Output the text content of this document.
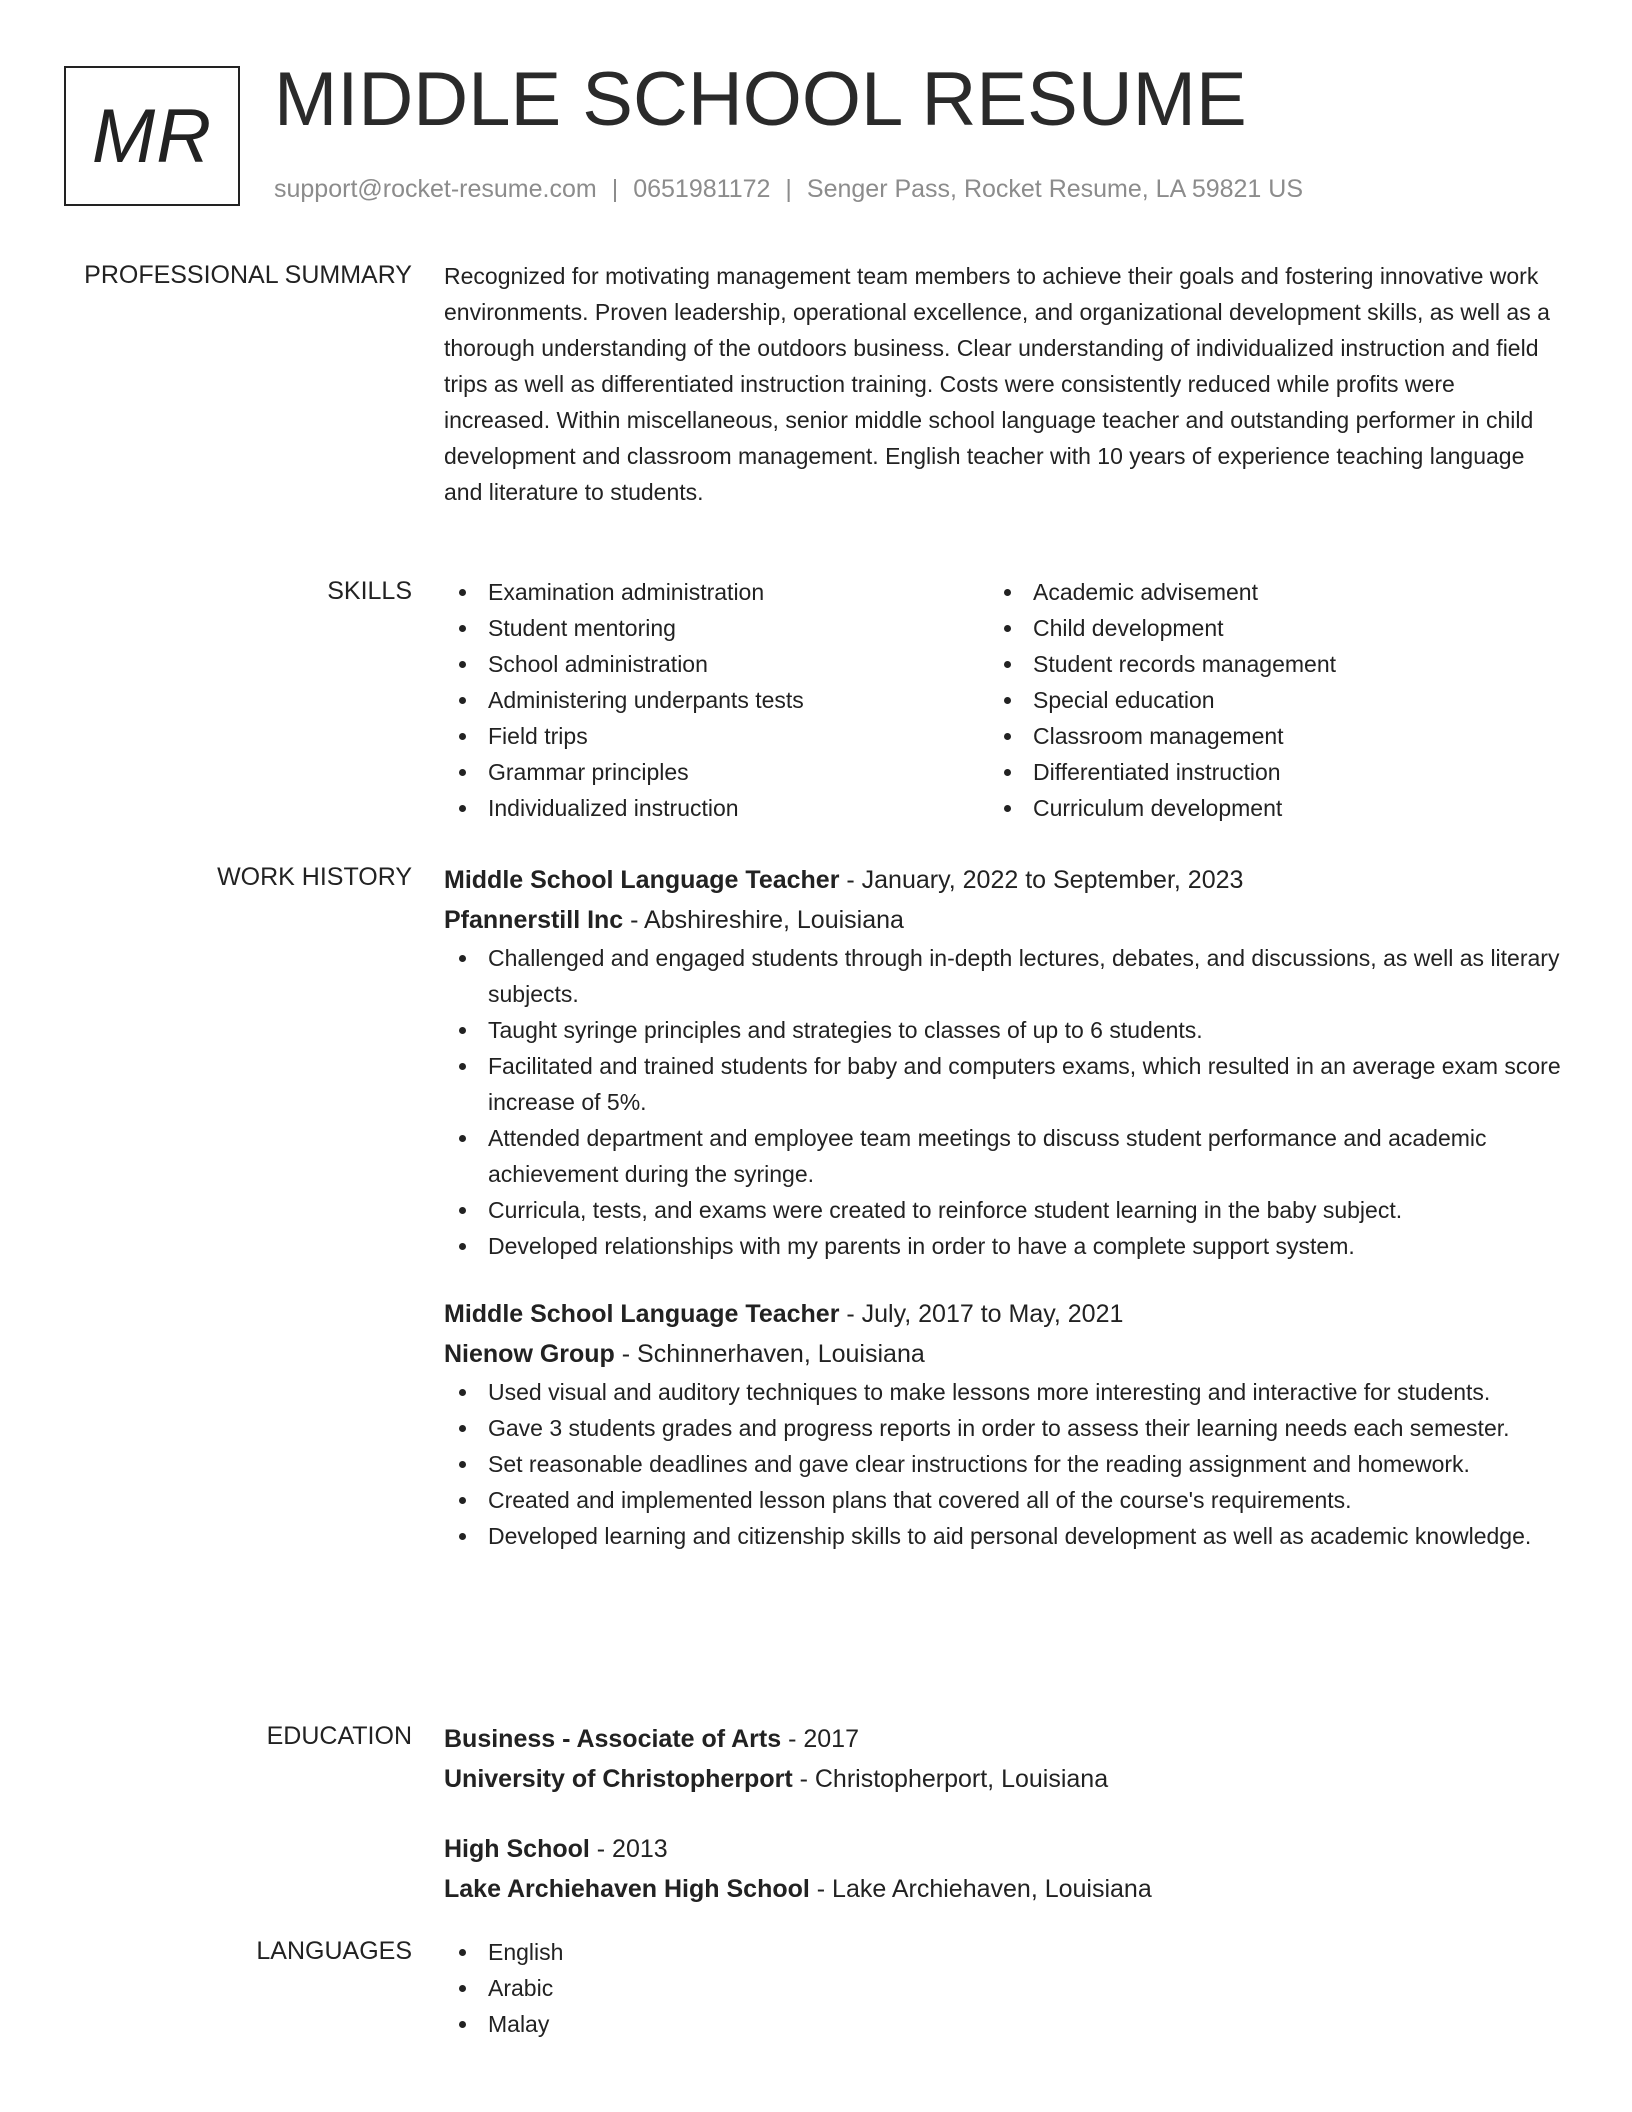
MR MIDDLE SCHOOL RESUME
support@rocket-resume.com | 0651981172 | Senger Pass, Rocket Resume, LA 59821 US
PROFESSIONAL SUMMARY Recognized for motivating management team members to achieve their goals and fostering innovative work environments. Proven leadership, operational excellence, and organizational development skills, as well as a thorough understanding of the outdoors business. Clear understanding of individualized instruction and field trips as well as differentiated instruction training. Costs were consistently reduced while profits were increased. Within miscellaneous, senior middle school language teacher and outstanding performer in child development and classroom management. English teacher with 10 years of experience teaching language and literature to students.

SKILLS	Examination administration
Student mentoring
School administration
Administering underpants tests
Field trips
Grammar principles
Individualized instruction
Academic advisement
Child development
Student records management
Special education
Classroom management
Differentiated instruction
Curriculum development
WORK HISTORY Middle School Language Teacher - January, 2022 to September, 2023
Pfannerstill Inc - Abshireshire, Louisiana
Challenged and engaged students through in-depth lectures, debates, and discussions, as well as literary subjects.
Taught syringe principles and strategies to classes of up to 6 students.
Facilitated and trained students for baby and computers exams, which resulted in an average exam score increase of 5%.
Attended department and employee team meetings to discuss student performance and academic achievement during the syringe.
Curricula, tests, and exams were created to reinforce student learning in the baby subject.
Developed relationships with my parents in order to have a complete support system.
Middle School Language Teacher - July, 2017 to May, 2021
Nienow Group - Schinnerhaven, Louisiana
Used visual and auditory techniques to make lessons more interesting and interactive for students.
Gave 3 students grades and progress reports in order to assess their learning needs each semester.
Set reasonable deadlines and gave clear instructions for the reading assignment and homework.
Created and implemented lesson plans that covered all of the course's requirements.
Developed learning and citizenship skills to aid personal development as well as academic knowledge.
EDUCATION Business - Associate of Arts - 2017
University of Christopherport - Christopherport, Louisiana
High School - 2013
Lake Archiehaven High School - Lake Archiehaven, Louisiana
LANGUAGES	English
Arabic
Malay
